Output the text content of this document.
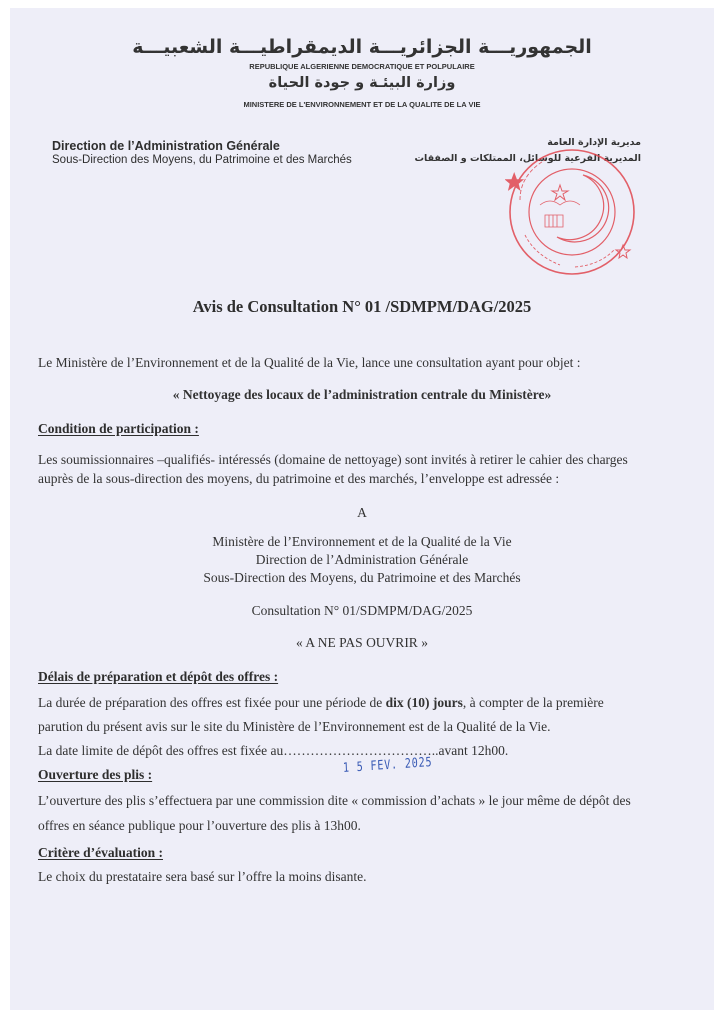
الجمهوريـــة الجزائريـــة الديمقراطيـــة الشعبيـــة
REPUBLIQUE ALGERIENNE DEMOCRATIQUE ET POLPULAIRE
وزارة البيئـة و جودة الحياة
MINISTERE DE L'ENVIRONNEMENT ET DE LA QUALITE DE LA VIE
Direction de l’Administration Générale
Sous-Direction des Moyens, du Patrimoine et des Marchés
مديرية الإدارة العامة
المديرية الفرعية للوسائل، الممتلكات و الصفقات
Avis de Consultation N° 01 /SDMPM/DAG/2025
Le Ministère de l’Environnement et de la Qualité de la Vie, lance une consultation ayant pour objet :
« Nettoyage des locaux de l’administration centrale du Ministère»
Condition de participation :
Les soumissionnaires –qualifiés- intéressés (domaine de nettoyage) sont invités à retirer le cahier des charges
auprès de la sous-direction des moyens, du patrimoine et des marchés, l’enveloppe est adressée :
A
Ministère de l’Environnement et de la Qualité de la Vie
Direction de l’Administration Générale
Sous-Direction des Moyens, du Patrimoine et des Marchés
Consultation N° 01/SDMPM/DAG/2025
« A NE PAS OUVRIR »
Délais de préparation et dépôt des offres :
La durée de préparation des offres est fixée pour une période de dix (10) jours, à compter de la première
parution du présent avis sur le site du Ministère de l’Environnement est de la Qualité de la Vie.
La date limite de dépôt des offres est fixée au……………………………..avant 12h00.
1 5 FEV. 2025
Ouverture des plis :
L’ouverture des plis s’effectuera par une commission dite « commission d’achats » le jour même de dépôt des
offres en séance publique pour l’ouverture des plis à 13h00.
Critère d’évaluation :
Le choix du prestataire sera basé sur l’offre la moins disante.
